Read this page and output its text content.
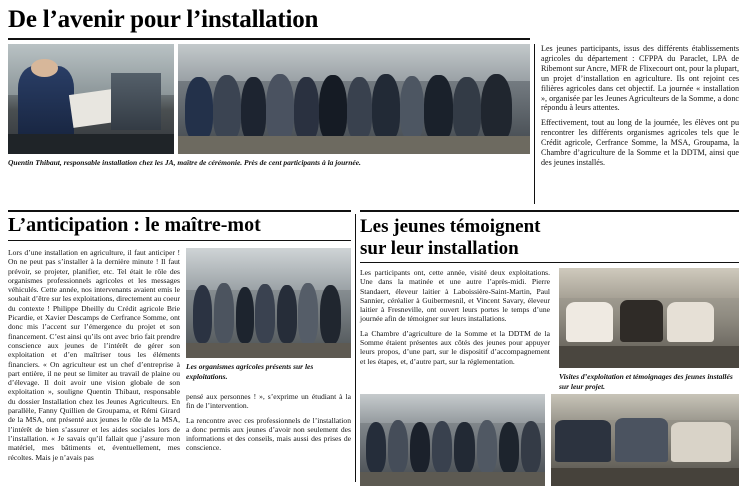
De l’avenir pour l’installation
Quentin Thibaut, responsable installation chez les JA, maître de cérémonie. Près de cent participants à la journée.

Les jeunes participants, issus des différents établissements agricoles du département : CFPPA du Paraclet, LPA de Ribemont sur Ancre, MFR de Flixecourt ont, pour la plupart, un projet d’installation en agriculture. Ils ont rejoint ces filières agricoles dans cet objectif. La journée « installation », organisée par les Jeunes Agriculteurs de la Somme, a donc répondu à leurs attentes.

Effectivement, tout au long de la journée, les élèves ont pu rencontrer les différents organismes agricoles tels que le Crédit agricole, Cerfrance Somme, la MSA, Groupama, la Chambre d’agriculture de la Somme et la DDTM, ainsi que des jeunes installés.

L’anticipation : le maître-mot	Les jeunes témoignent
sur leur installation

Lors d’une installation en agriculture, il faut anticiper ! On ne peut pas s’installer à la dernière minute ! Il faut prévoir, se projeter, planifier, etc. Tel était le rôle des organismes professionnels agricoles et les messages véhiculés. Cette année, nos intervenants avaient emis le souhait d’être sur les exploitations, directement au coeur du contexte ! Philippe Dheilly du Crédit agricole Brie Picardie, et Xavier Descamps de Cerfrance Somme, ont donc mis l’accent sur l’émergence du projet et son financement. C’est ainsi qu’ils ont avec brio fait prendre conscience aux jeunes de l’intérêt de gérer son exploitation et d’en maîtriser tous les éléments financiers. « On agriculteur est un chef d’entreprise à part entière, il ne peut se limiter au travail de plaine ou d’élevage. Il doit avoir une vision globale de son exploitation », souligne Quentin Thibaut, responsable du dossier Installation chez les Jeunes Agriculteurs. En parallèle, Fanny Quillien de Groupama, et Rémi Girard de la MSA, ont présenté aux jeunes le rôle de la MSA, l’intérêt de bien s’assurer et les aides sociales lors de l’installation. « Je savais qu’il fallait que j’assure mon matériel, mes bâtiments et, éventuellement, mes récoltes. Mais je n’avais pas

Les organismes agricoles présents sur les exploitations.

pensé aux personnes ! », s’exprime un étudiant à la fin de l’intervention.

La rencontre avec ces professionnels de l’installation a donc permis aux jeunes d’avoir non seulement des informations et des conseils, mais aussi des prises de conscience.

Les participants ont, cette année, visité deux exploitations. Une dans la matinée et une autre l’après-midi. Pierre Standaert, éleveur laitier à Laboissière-Saint-Martin, Paul Sannier, céréalier à Guibermesnil, et Vincent Savary, éleveur laitier à Fresneville, ont ouvert leurs portes le temps d’une journée afin de témoigner sur leurs installations.

La Chambre d’agriculture de la Somme et la DDTM de la Somme étaient présentes aux côtés des jeunes pour appuyer leurs propos, d’une part, sur le dispositif d’accompagnement et les étapes, et, d’autre part, sur la réglementation.

Visites d’exploitation et témoignages des jeunes installés sur leur projet.
